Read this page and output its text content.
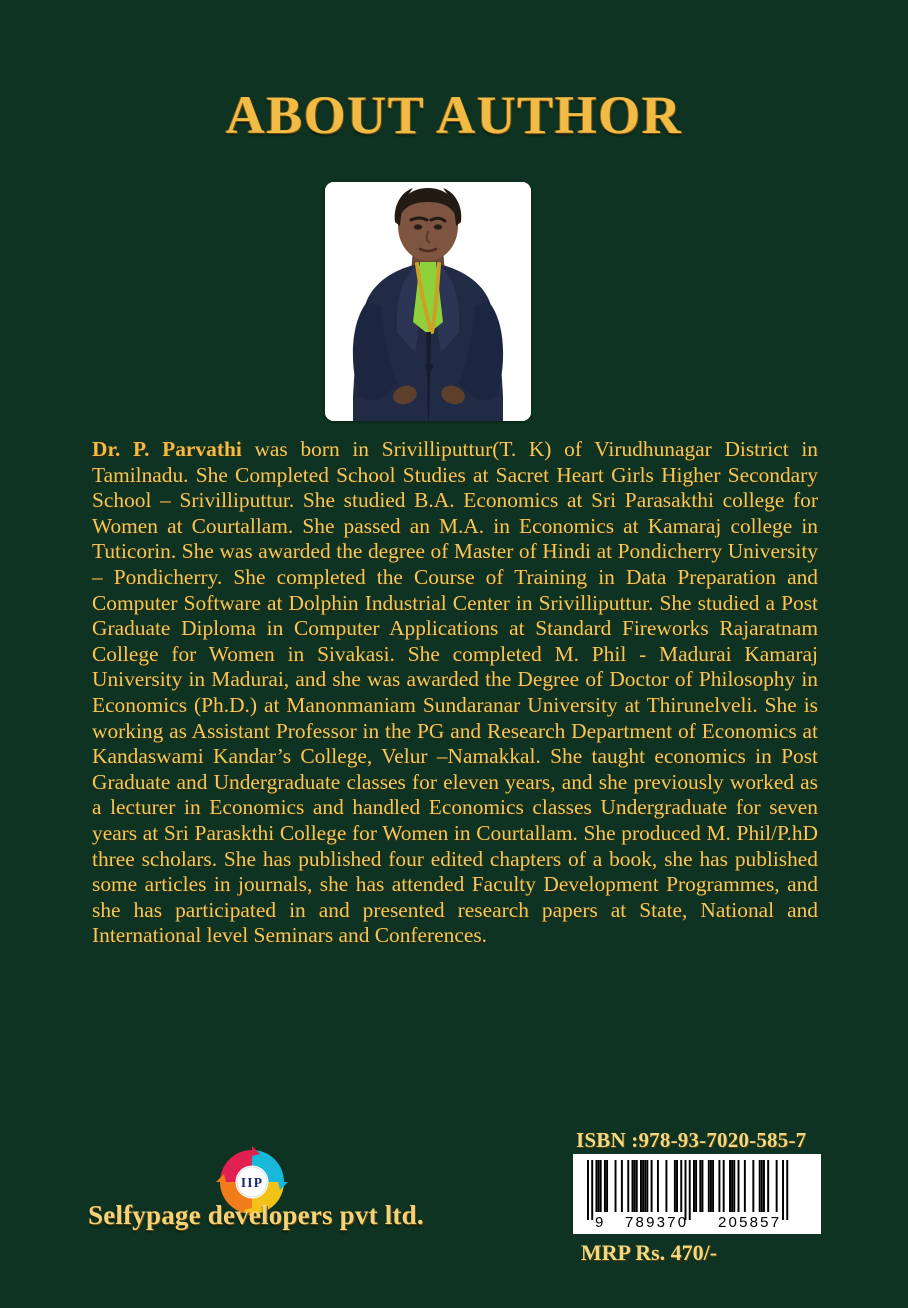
ABOUT AUTHOR

Dr. P. Parvathi was born in Srivilliputtur(T. K) of Virudhunagar District in Tamilnadu. She Completed School Studies at Sacret Heart Girls Higher Secondary School – Srivilliputtur. She studied B.A. Economics at Sri Parasakthi college for Women at Courtallam. She passed an M.A. in Economics at Kamaraj college in Tuticorin. She was awarded the degree of Master of Hindi at Pondicherry University – Pondicherry. She completed the Course of Training in Data Preparation and Computer Software at Dolphin Industrial Center in Srivilliputtur. She studied a Post Graduate Diploma in Computer Applications at Standard Fireworks Rajaratnam College for Women in Sivakasi. She completed M. Phil - Madurai Kamaraj University in Madurai, and she was awarded the Degree of Doctor of Philosophy in Economics (Ph.D.) at Manonmaniam Sundaranar University at Thirunelveli. She is working as Assistant Professor in the PG and Research Department of Economics at Kandaswami Kandar’s College, Velur –Namakkal. She taught economics in Post Graduate and Undergraduate classes for eleven years, and she previously worked as a lecturer in Economics and handled Economics classes Undergraduate for seven years at Sri Paraskthi College for Women in Courtallam. She produced M. Phil/P.hD three scholars. She has published four edited chapters of a book, she has published some articles in journals, she has attended Faculty Development Programmes, and she has participated in and presented research papers at State, National and International level Seminars and Conferences.

IIP
Selfypage developers pvt ltd.
ISBN :978-93-7020-585-7
9 789370 205857
MRP Rs. 470/-
